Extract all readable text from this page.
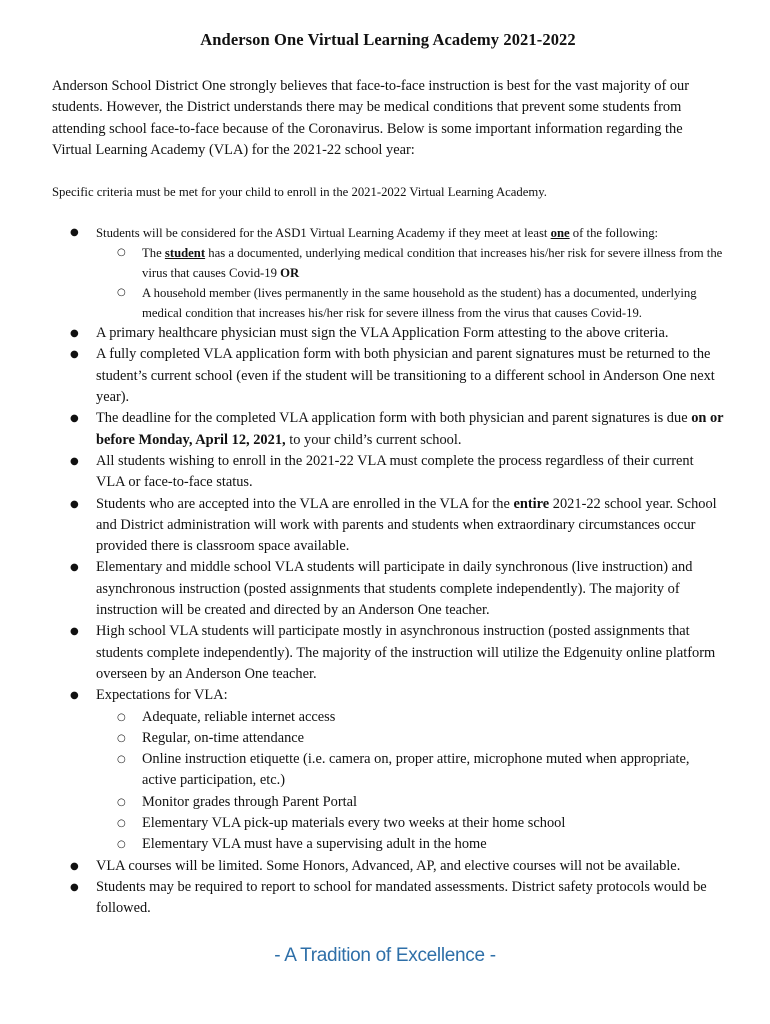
Anderson One Virtual Learning Academy 2021-2022

Anderson School District One strongly believes that face-to-face instruction is best for the vast majority of our students. However, the District understands there may be medical conditions that prevent some students from attending school face-to-face because of the Coronavirus. Below is some important information regarding the Virtual Learning Academy (VLA) for the 2021-22 school year:

Specific criteria must be met for your child to enroll in the 2021-2022 Virtual Learning Academy.

● Students will be considered for the ASD1 Virtual Learning Academy if they meet at least one of the following:
○ The student has a documented, underlying medical condition that increases his/her risk for severe illness from the virus that causes Covid-19 OR
○ A household member (lives permanently in the same household as the student) has a documented, underlying medical condition that increases his/her risk for severe illness from the virus that causes Covid-19.
● A primary healthcare physician must sign the VLA Application Form attesting to the above criteria.
● A fully completed VLA application form with both physician and parent signatures must be returned to the student’s current school (even if the student will be transitioning to a different school in Anderson One next year).
● The deadline for the completed VLA application form with both physician and parent signatures is due on or before Monday, April 12, 2021, to your child’s current school.
● All students wishing to enroll in the 2021-22 VLA must complete the process regardless of their current VLA or face-to-face status.
● Students who are accepted into the VLA are enrolled in the VLA for the entire 2021-22 school year. School and District administration will work with parents and students when extraordinary circumstances occur provided there is classroom space available.
● Elementary and middle school VLA students will participate in daily synchronous (live instruction) and asynchronous instruction (posted assignments that students complete independently). The majority of instruction will be created and directed by an Anderson One teacher.
● High school VLA students will participate mostly in asynchronous instruction (posted assignments that students complete independently). The majority of the instruction will utilize the Edgenuity online platform overseen by an Anderson One teacher.
● Expectations for VLA:
○ Adequate, reliable internet access
○ Regular, on-time attendance
○ Online instruction etiquette (i.e. camera on, proper attire, microphone muted when appropriate, active participation, etc.)
○ Monitor grades through Parent Portal
○ Elementary VLA pick-up materials every two weeks at their home school
○ Elementary VLA must have a supervising adult in the home
● VLA courses will be limited. Some Honors, Advanced, AP, and elective courses will not be available.
● Students may be required to report to school for mandated assessments. District safety protocols would be followed.
- A Tradition of Excellence -
